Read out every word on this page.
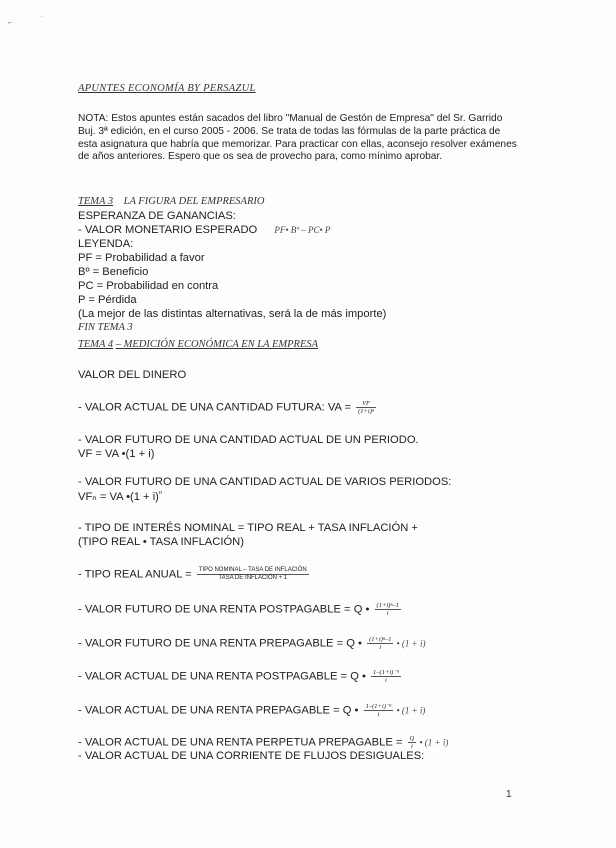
⌐
·
APUNTES ECONOMÍA BY PERSAZUL
NOTA: Estos apuntes están sacados del libro "Manual de Gestón de Empresa" del Sr. Garrido Buj. 3ª edición, en el curso 2005 - 2006. Se trata de todas las fórmulas de la parte práctica de esta asignatura que habría que memorizar. Para practicar con ellas, aconsejo resolver exámenes de años anteriores. Espero que os sea de provecho para, como mínimo aprobar.
TEMA 3 LA FIGURA DEL EMPRESARIO
ESPERANZA DE GANANCIAS:
- VALOR MONETARIO ESPERADO PF• Bº – PC• P
LEYENDA:
PF = Probabilidad a favor
Bº = Beneficio
PC = Probabilidad en contra
P = Pérdida
(La mejor de las distintas alternativas, será la de más importe)
FIN TEMA 3
TEMA 4 – MEDICIÓN ECONÓMICA EN LA EMPRESA
VALOR DEL DINERO
- VALOR ACTUAL DE UNA CANTIDAD FUTURA: VA = $\frac{VF}{\text{(1+i)ⁿ}}$
- VALOR FUTURO DE UNA CANTIDAD ACTUAL DE UN PERIODO.
VF = VA •(1 + i)
- VALOR FUTURO DE UNA CANTIDAD ACTUAL DE VARIOS PERIODOS:
VFₙ = VA •(1 + i)$^n$
- TIPO DE INTERÉS NOMINAL = TIPO REAL + TASA INFLACIÓN +
(TIPO REAL • TASA INFLACIÓN)
- TIPO REAL ANUAL = $\frac{\text{TIPO NOMINAL – TASA DE INFLACIÓN}}{\text{TASA DE INFLACIÓN + 1}}$
- VALOR FUTURO DE UNA RENTA POSTPAGABLE = Q • $\frac{\text{(1+i)ⁿ–1}}{i}$
- VALOR FUTURO DE UNA RENTA PREPAGABLE = Q • $\frac{\text{(1+i)ⁿ–1}}{i}$ • (1 + i)
- VALOR ACTUAL DE UNA RENTA POSTPAGABLE = Q • $\frac{\text{1–(1+i)⁻ⁿ}}{i}$
- VALOR ACTUAL DE UNA RENTA PREPAGABLE = Q • $\frac{\text{1–(1+i)⁻ⁿ}}{i}$ • (1 + i)
- VALOR ACTUAL DE UNA RENTA PERPETUA PREPAGABLE = $\frac{Q}{i}$ • (1 + i)
- VALOR ACTUAL DE UNA CORRIENTE DE FLUJOS DESIGUALES:
1
